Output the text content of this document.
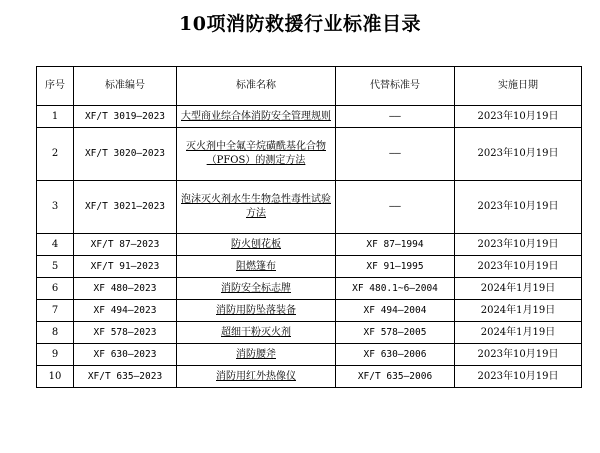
10项消防救援行业标准目录
序号	标准编号	标准名称	代替标准号	实施日期
1	XF/T 3019—2023	大型商业综合体消防安全管理规则	——	2023年10月19日
2	XF/T 3020—2023	灭火剂中全氟辛烷磺酰基化合物（PFOS）的测定方法	——	2023年10月19日
3	XF/T 3021—2023	泡沫灭火剂水生生物急性毒性试验方法	——	2023年10月19日
4	XF/T 87—2023	防火刨花板	XF 87—1994	2023年10月19日
5	XF/T 91—2023	阻燃篷布	XF 91—1995	2023年10月19日
6	XF 480—2023	消防安全标志牌	XF 480.1~6—2004	2024年1月19日
7	XF 494—2023	消防用防坠落装备	XF 494—2004	2024年1月19日
8	XF 578—2023	超细干粉灭火剂	XF 578—2005	2024年1月19日
9	XF 630—2023	消防腰斧	XF 630—2006	2023年10月19日
10	XF/T 635—2023	消防用红外热像仪	XF/T 635—2006	2023年10月19日
